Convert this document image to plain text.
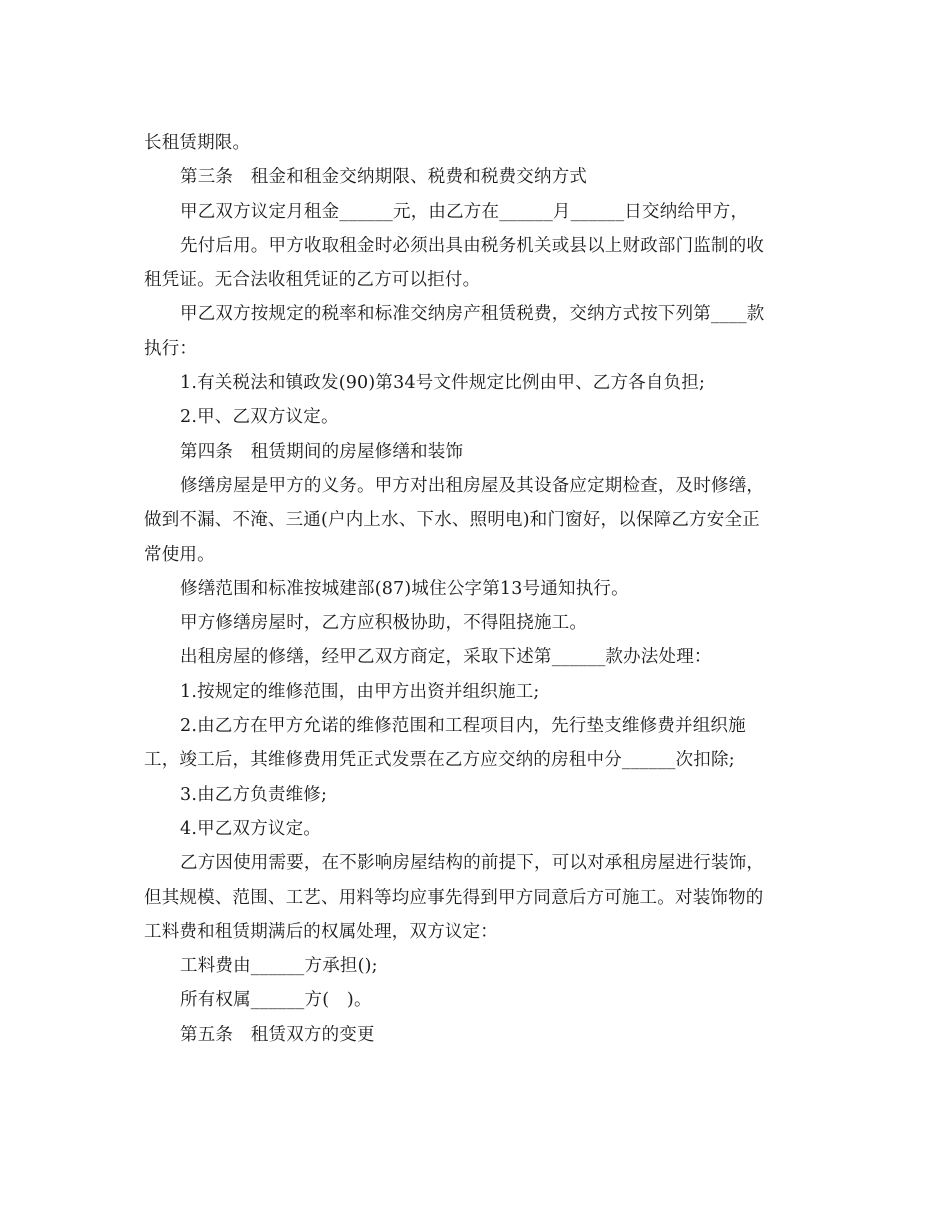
长租赁期限。
第三条　租金和租金交纳期限、税费和税费交纳方式
甲乙双方议定月租金______元，由乙方在______月______日交纳给甲方，
先付后用。甲方收取租金时必须出具由税务机关或县以上财政部门监制的收
租凭证。无合法收租凭证的乙方可以拒付。
甲乙双方按规定的税率和标准交纳房产租赁税费，交纳方式按下列第____款
执行：
1.有关税法和镇政发(90)第34号文件规定比例由甲、乙方各自负担;
2.甲、乙双方议定。
第四条　租赁期间的房屋修缮和装饰
修缮房屋是甲方的义务。甲方对出租房屋及其设备应定期检查，及时修缮，
做到不漏、不淹、三通(户内上水、下水、照明电)和门窗好，以保障乙方安全正
常使用。
修缮范围和标准按城建部(87)城住公字第13号通知执行。
甲方修缮房屋时，乙方应积极协助，不得阻挠施工。
出租房屋的修缮，经甲乙双方商定，采取下述第______款办法处理：
1.按规定的维修范围，由甲方出资并组织施工;
2.由乙方在甲方允诺的维修范围和工程项目内，先行垫支维修费并组织施
工，竣工后，其维修费用凭正式发票在乙方应交纳的房租中分______次扣除;
3.由乙方负责维修;
4.甲乙双方议定。
乙方因使用需要，在不影响房屋结构的前提下，可以对承租房屋进行装饰，
但其规模、范围、工艺、用料等均应事先得到甲方同意后方可施工。对装饰物的
工料费和租赁期满后的权属处理，双方议定：
工料费由______方承担();
所有权属______方(　)。
第五条　租赁双方的变更
